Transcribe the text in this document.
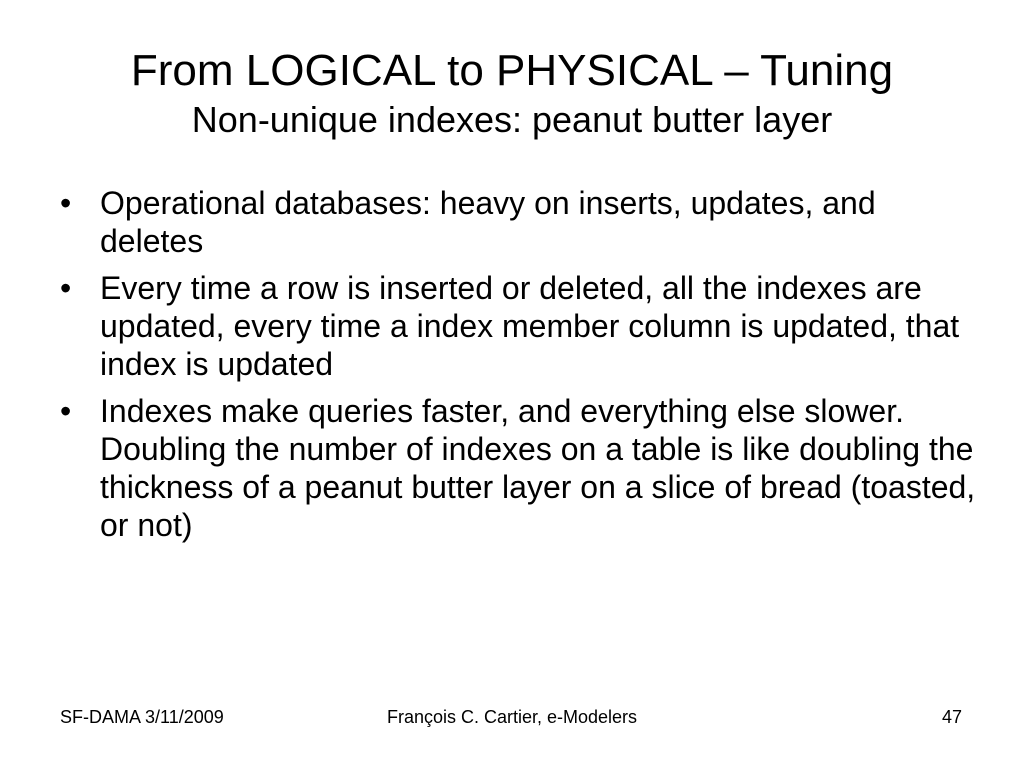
From LOGICAL to PHYSICAL – Tuning
Non-unique indexes: peanut butter layer
• Operational databases: heavy on inserts, updates, and deletes
• Every time a row is inserted or deleted, all the indexes are updated, every time a index member column is updated, that index is updated
• Indexes make queries faster, and everything else slower. Doubling the number of indexes on a table is like doubling the thickness of a peanut butter layer on a slice of bread (toasted, or not)
SF-DAMA 3/11/2009	François C. Cartier, e-Modelers	47
